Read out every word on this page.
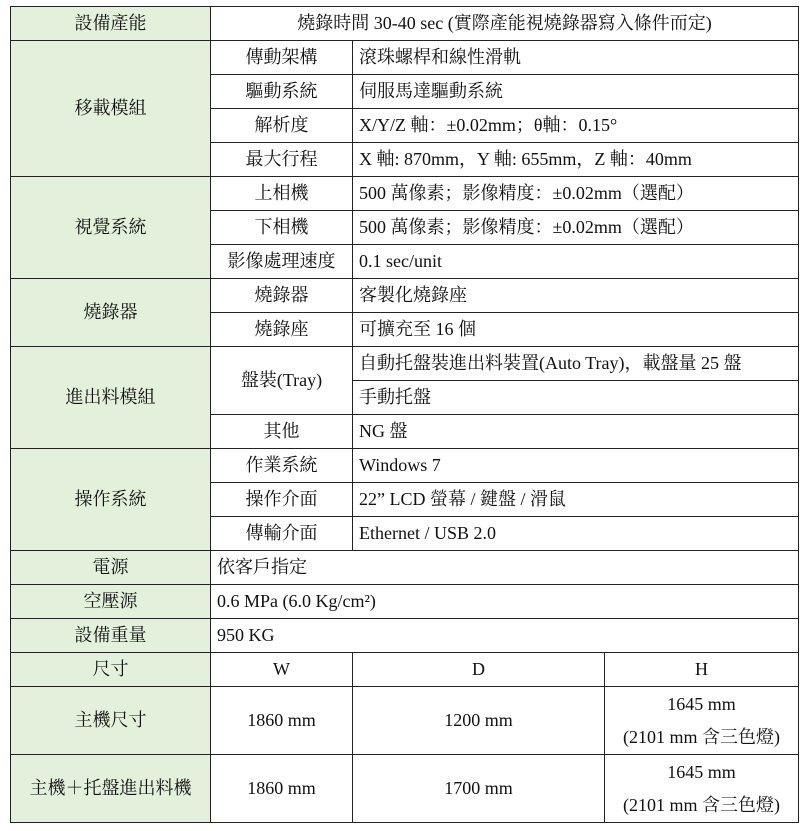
設備產能	燒錄時間 30-40 sec (實際產能視燒錄器寫入條件而定)		
移載模組	傳動架構	滾珠螺桿和線性滑軌	
	驅動系統	伺服馬達驅動系統	
	解析度	X/Y/Z 軸：±0.02mm；θ軸：0.15°	
	最大行程	X 軸: 870mm，Y 軸: 655mm，Z 軸：40mm	
視覺系統	上相機	500 萬像素；影像精度：±0.02mm（選配）	
	下相機	500 萬像素；影像精度：±0.02mm（選配）	
	影像處理速度	0.1 sec/unit	
燒錄器	燒錄器	客製化燒錄座	
	燒錄座	可擴充至 16 個	
進出料模組	盤裝(Tray)	自動托盤裝進出料裝置(Auto Tray)，載盤量 25 盤	
		手動托盤	
	其他	NG 盤	
操作系統	作業系統	Windows 7	
	操作介面	22” LCD 螢幕 / 鍵盤 / 滑鼠	
	傳輸介面	Ethernet / USB 2.0	
電源	依客戶指定		
空壓源	0.6 MPa (6.0 Kg/cm²)		
設備重量	950 KG		
尺寸	W	D	H
主機尺寸	1860 mm	1200 mm	1645 mm
(2101 mm 含三色燈)

主機＋托盤進出料機	1860 mm	1700 mm	1645 mm
(2101 mm 含三色燈)
